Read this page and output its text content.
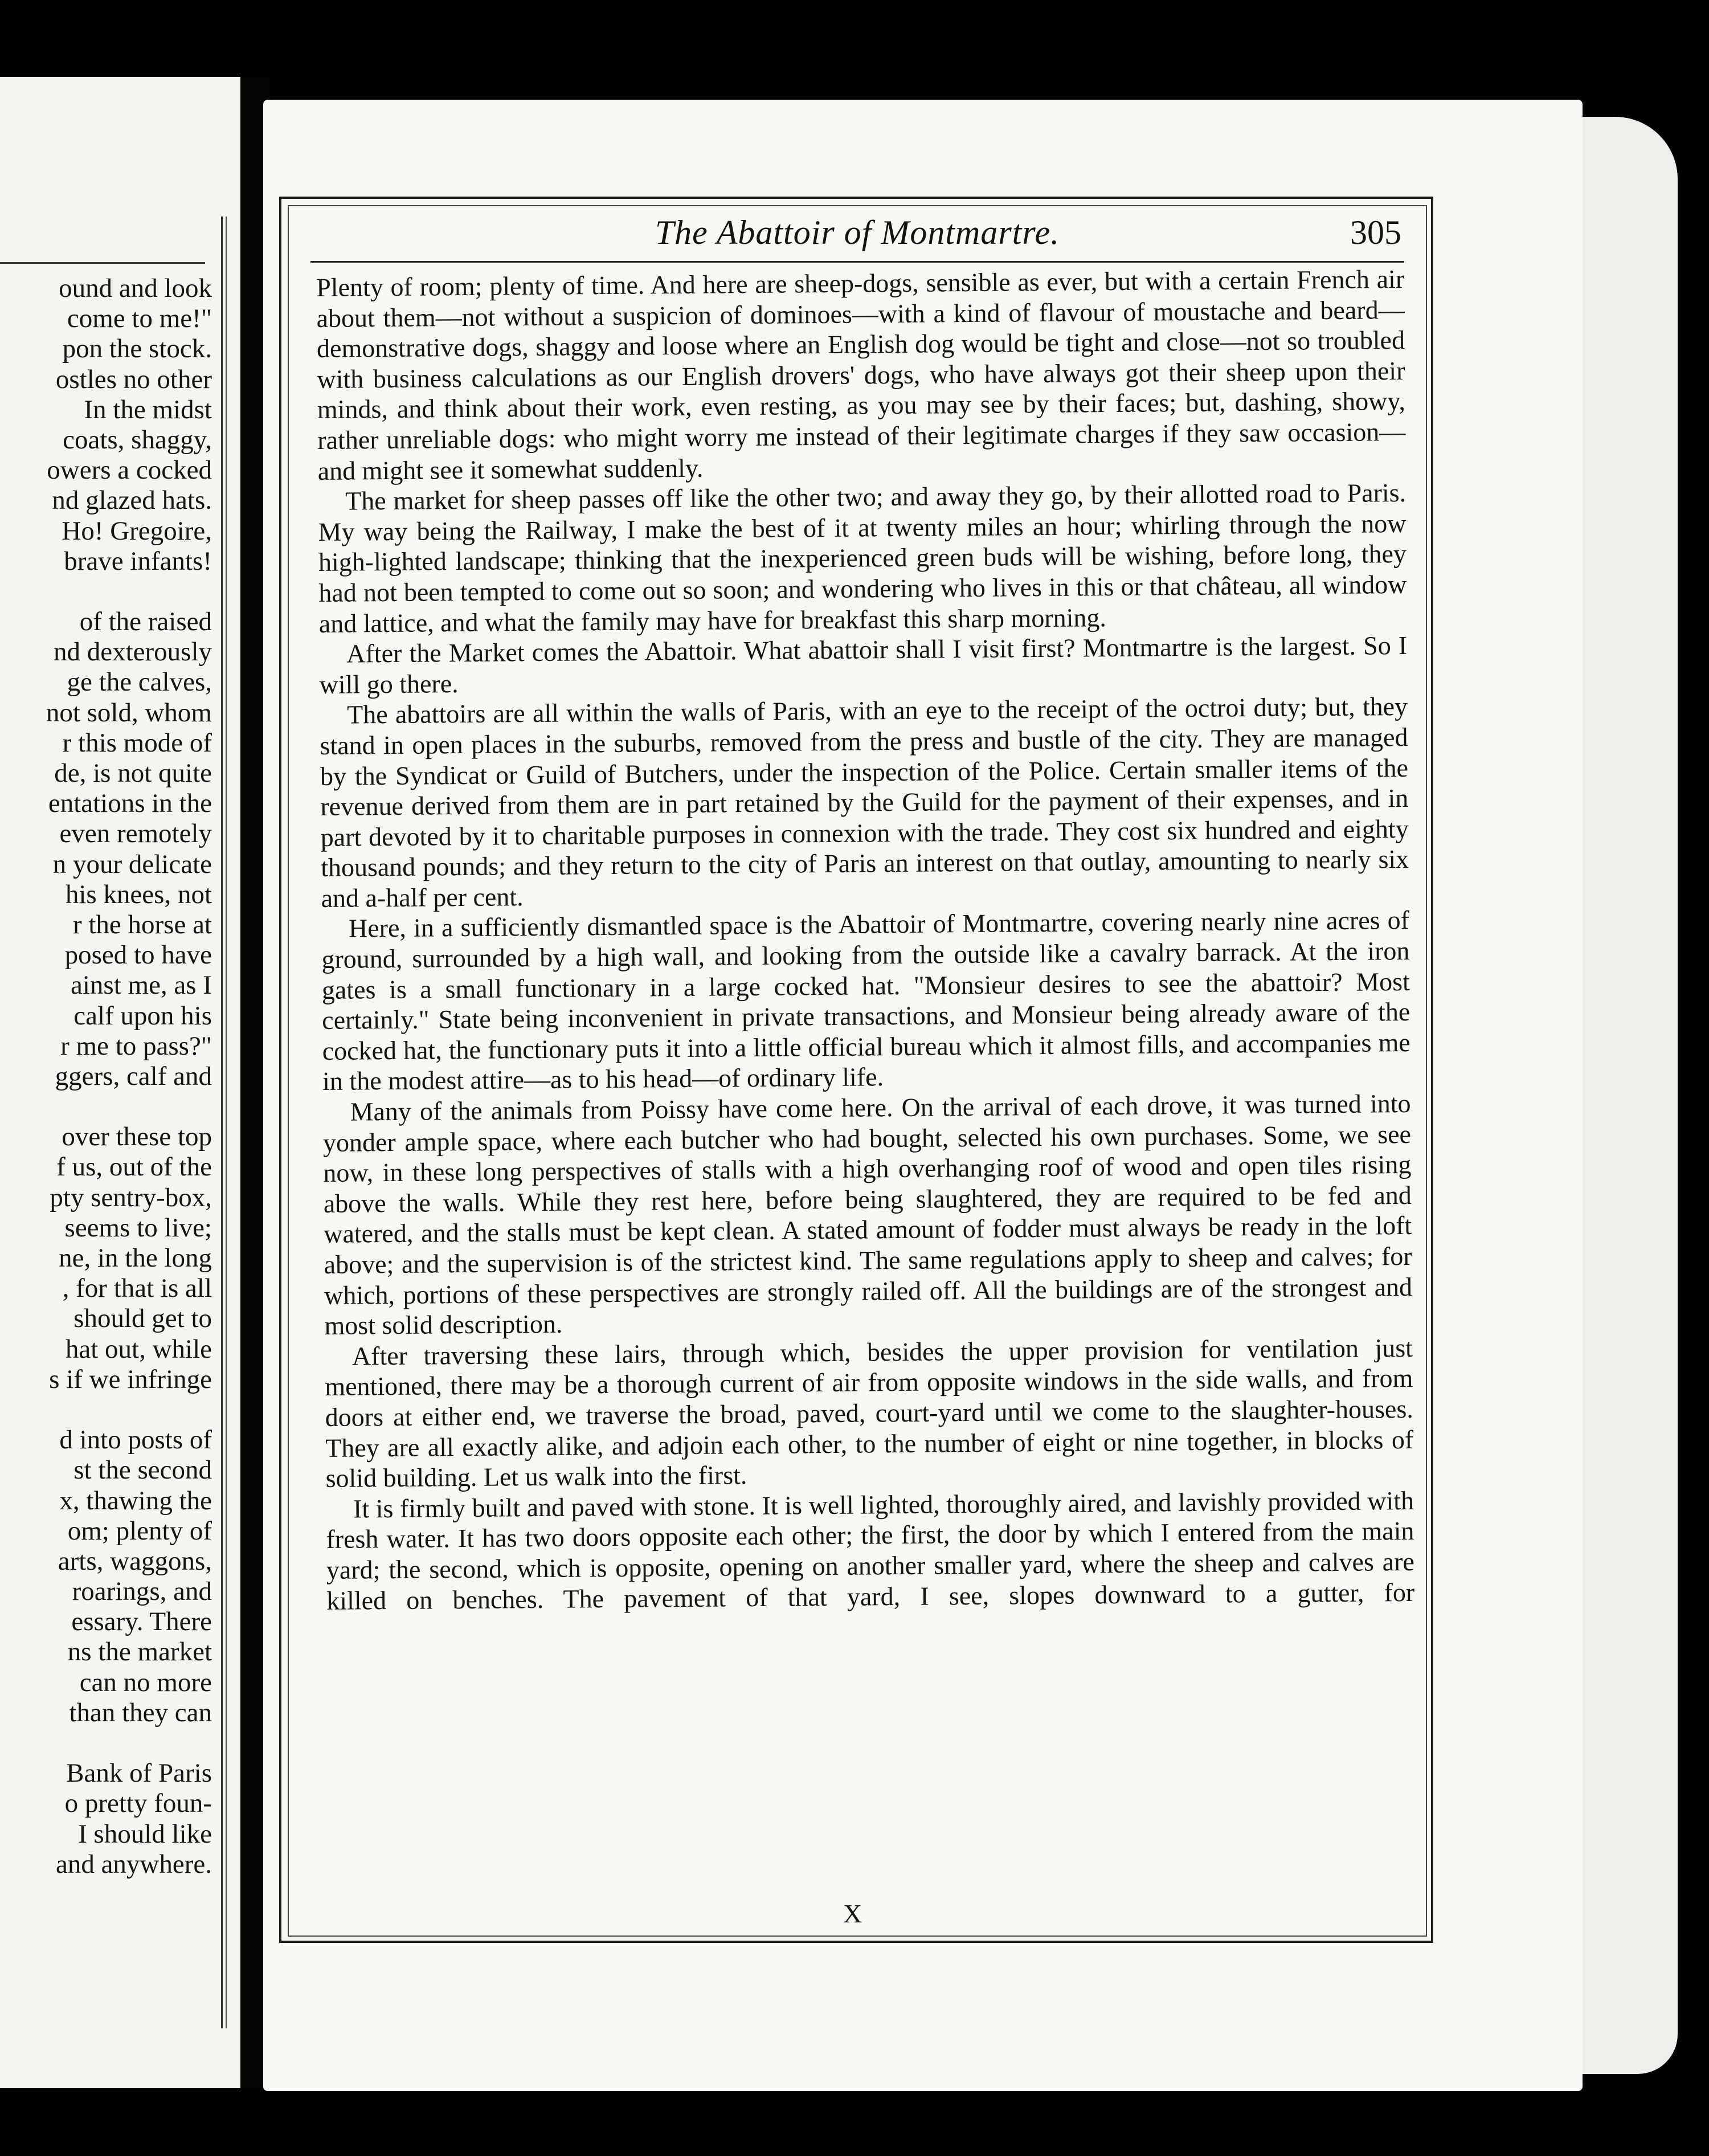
ound and look
come to me!"
pon the stock.
ostles no other
In the midst
coats, shaggy,
owers a cocked
nd glazed hats.
Ho! Gregoire,
brave infants!
of the raised
nd dexterously
ge the calves,
not sold, whom
r this mode of
de, is not quite
entations in the
even remotely
n your delicate
his knees, not
r the horse at
posed to have
ainst me, as I
calf upon his
r me to pass?"
ggers, calf and
over these top
f us, out of the
pty sentry-box,
seems to live;
ne, in the long
, for that is all
should get to
hat out, while
s if we infringe
d into posts of
st the second
x, thawing the
om; plenty of
arts, waggons,
roarings, and
essary. There
ns the market
can no more
than they can
Bank of Paris
o pretty foun-
I should like
and anywhere.
The Abattoir of Montmartre.	305

Plenty of room; plenty of time. And here are sheep-dogs, sensible as ever, but with a certain French air about them—not without a suspicion of dominoes—with a kind of flavour of moustache and beard—demonstrative dogs, shaggy and loose where an English dog would be tight and close—not so troubled with business calculations as our English drovers' dogs, who have always got their sheep upon their minds, and think about their work, even resting, as you may see by their faces; but, dashing, showy, rather unreliable dogs: who might worry me instead of their legitimate charges if they saw occasion—and might see it somewhat suddenly.

The market for sheep passes off like the other two; and away they go, by their allotted road to Paris. My way being the Railway, I make the best of it at twenty miles an hour; whirling through the now high-lighted landscape; thinking that the inexperienced green buds will be wishing, before long, they had not been tempted to come out so soon; and wondering who lives in this or that château, all window and lattice, and what the family may have for breakfast this sharp morning.

After the Market comes the Abattoir. What abattoir shall I visit first? Montmartre is the largest. So I will go there.

The abattoirs are all within the walls of Paris, with an eye to the receipt of the octroi duty; but, they stand in open places in the suburbs, removed from the press and bustle of the city. They are managed by the Syndicat or Guild of Butchers, under the inspection of the Police. Certain smaller items of the revenue derived from them are in part retained by the Guild for the payment of their expenses, and in part devoted by it to charitable purposes in connexion with the trade. They cost six hundred and eighty thousand pounds; and they return to the city of Paris an interest on that outlay, amounting to nearly six and a-half per cent.

Here, in a sufficiently dismantled space is the Abattoir of Montmartre, covering nearly nine acres of ground, surrounded by a high wall, and looking from the outside like a cavalry barrack. At the iron gates is a small functionary in a large cocked hat. "Monsieur desires to see the abattoir? Most certainly." State being inconvenient in private transactions, and Monsieur being already aware of the cocked hat, the functionary puts it into a little official bureau which it almost fills, and accompanies me in the modest attire—as to his head—of ordinary life.

Many of the animals from Poissy have come here. On the arrival of each drove, it was turned into yonder ample space, where each butcher who had bought, selected his own purchases. Some, we see now, in these long perspectives of stalls with a high overhanging roof of wood and open tiles rising above the walls. While they rest here, before being slaughtered, they are required to be fed and watered, and the stalls must be kept clean. A stated amount of fodder must always be ready in the loft above; and the supervision is of the strictest kind. The same regulations apply to sheep and calves; for which, portions of these perspectives are strongly railed off. All the buildings are of the strongest and most solid description.

After traversing these lairs, through which, besides the upper provision for ventilation just mentioned, there may be a thorough current of air from opposite windows in the side walls, and from doors at either end, we traverse the broad, paved, court-yard until we come to the slaughter-houses. They are all exactly alike, and adjoin each other, to the number of eight or nine together, in blocks of solid building. Let us walk into the first.

It is firmly built and paved with stone. It is well lighted, thoroughly aired, and lavishly provided with fresh water. It has two doors opposite each other; the first, the door by which I entered from the main yard; the second, which is opposite, opening on another smaller yard, where the sheep and calves are killed on benches. The pavement of that yard, I see, slopes downward to a gutter, for

X
